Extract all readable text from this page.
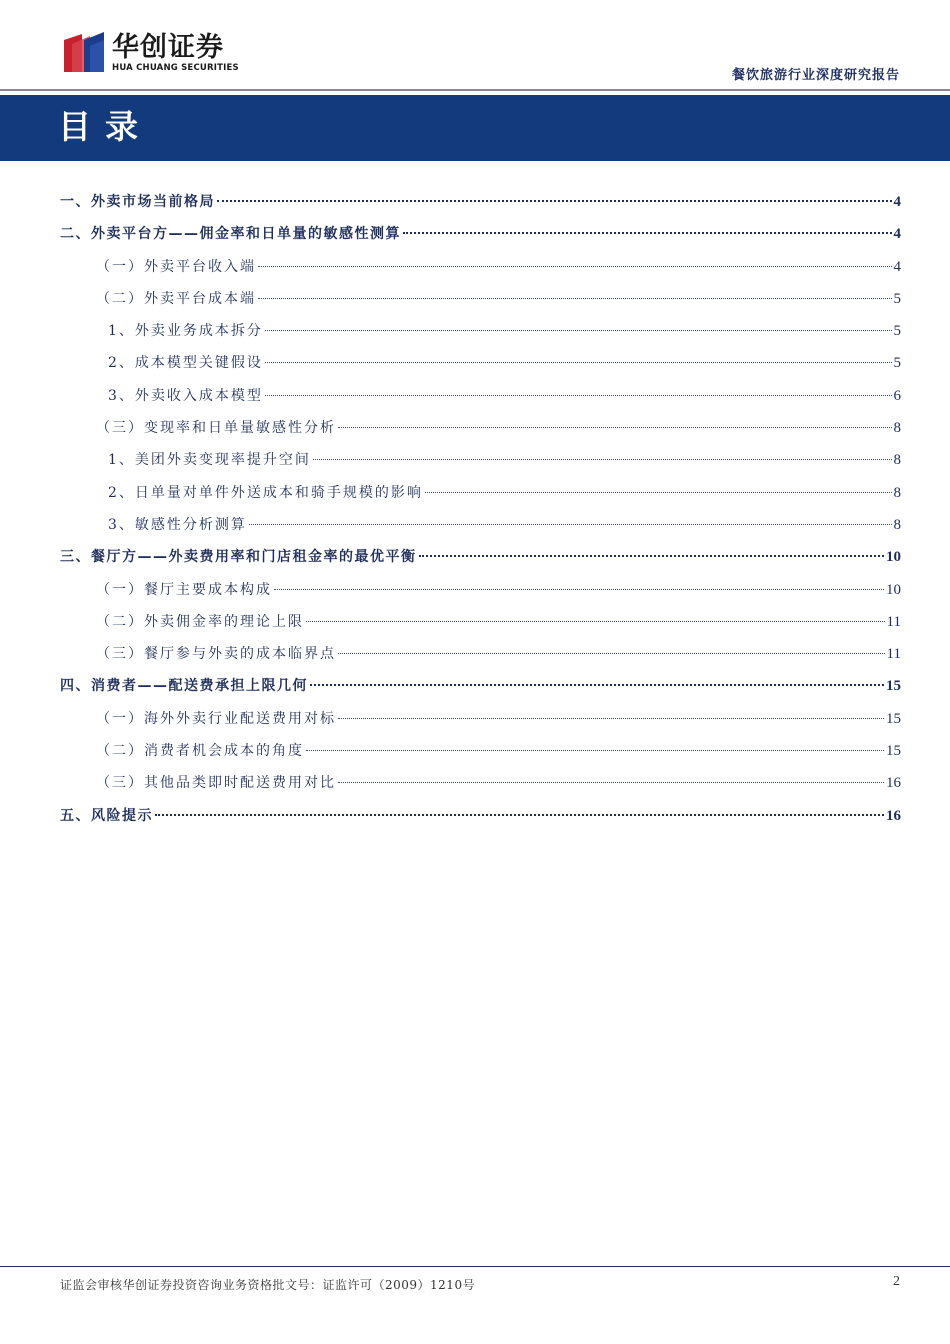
华创证券
HUA CHUANG SECURITIES
餐饮旅游行业深度研究报告
目录
一、外卖市场当前格局	4
二、外卖平台方——佣金率和日单量的敏感性测算	4
（一）外卖平台收入端	4
（二）外卖平台成本端	5
1、外卖业务成本拆分	5
2、成本模型关键假设	5
3、外卖收入成本模型	6
（三）变现率和日单量敏感性分析	8
1、美团外卖变现率提升空间	8
2、日单量对单件外送成本和骑手规模的影响	8
3、敏感性分析测算	8
三、餐厅方——外卖费用率和门店租金率的最优平衡	10
（一）餐厅主要成本构成	10
（二）外卖佣金率的理论上限	11
（三）餐厅参与外卖的成本临界点	11
四、消费者——配送费承担上限几何	15
（一）海外外卖行业配送费用对标	15
（二）消费者机会成本的角度	15
（三）其他品类即时配送费用对比	16
五、风险提示	16
证监会审核华创证券投资咨询业务资格批文号：证监许可（2009）1210号	2
